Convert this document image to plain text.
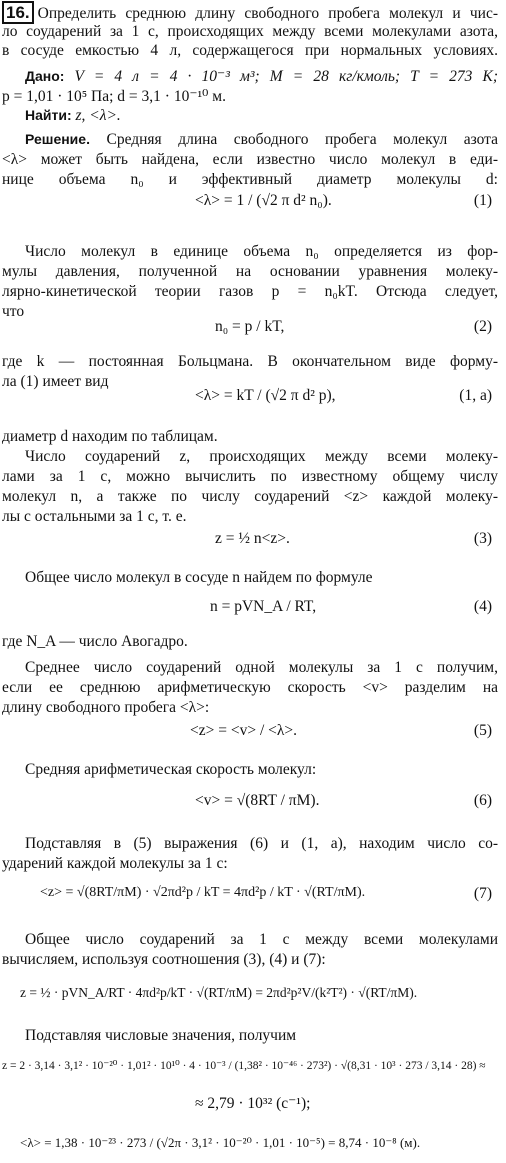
16. Определить среднюю длину свободного пробега молекул и чис-
ло соударений за 1 с, происходящих между всеми молекулами азота,
в сосуде емкостью 4 л, содержащегося при нормальных условиях.
Дано: V = 4 л = 4 · 10⁻³ м³; M = 28 кг/кмоль; T = 273 К;
p = 1,01 · 10⁵ Па; d = 3,1 · 10⁻¹⁰ м.
Найти: z, <λ>.
Решение. Средняя длина свободного пробега молекул азота
<λ> может быть найдена, если известно число молекул в еди-
нице объема n₀ и эффективный диаметр молекулы d:
<λ> = 1 / (√2 π d² n₀).	(1)
Число молекул в единице объема n₀ определяется из фор-
мулы давления, полученной на основании уравнения молеку-
лярно-кинетической теории газов p = n₀kT. Отсюда следует,
что
n₀ = p / kT,	(2)
где k — постоянная Больцмана. В окончательном виде форму-
ла (1) имеет вид
<λ> = kT / (√2 π d² p),	(1, a)
диаметр d находим по таблицам.
Число соударений z, происходящих между всеми молеку-
лами за 1 с, можно вычислить по известному общему числу
молекул n, а также по числу соударений <z> каждой молеку-
лы с остальными за 1 с, т. е.
z = ½ n<z>.	(3)
Общее число молекул в сосуде n найдем по формуле
n = pVN_A / RT,	(4)
где N_A — число Авогадро.
Среднее число соударений одной молекулы за 1 с получим,
если ее среднюю арифметическую скорость <v> разделим на
длину свободного пробега <λ>:
<z> = <v> / <λ>.	(5)
Средняя арифметическая скорость молекул:
<v> = √(8RT / πM).	(6)
Подставляя в (5) выражения (6) и (1, a), находим число со-
ударений каждой молекулы за 1 с:
<z> = √(8RT/πM) · √2πd²p / kT = 4πd²p / kT · √(RT/πM).	(7)
Общее число соударений за 1 с между всеми молекулами
вычисляем, используя соотношения (3), (4) и (7):
z = ½ · pVN_A/RT · 4πd²p/kT · √(RT/πM) = 2πd²p²V/(k²T²) · √(RT/πM).
Подставляя числовые значения, получим
z = 2 · 3,14 · 3,1² · 10⁻²⁰ · 1,01² · 10¹⁰ · 4 · 10⁻³ / (1,38² · 10⁻⁴⁶ · 273²) · √(8,31 · 10³ · 273 / 3,14 · 28) ≈
≈ 2,79 · 10³² (с⁻¹);
<λ> = 1,38 · 10⁻²³ · 273 / (√2π · 3,1² · 10⁻²⁰ · 1,01 · 10⁻⁵) = 8,74 · 10⁻⁸ (м).
